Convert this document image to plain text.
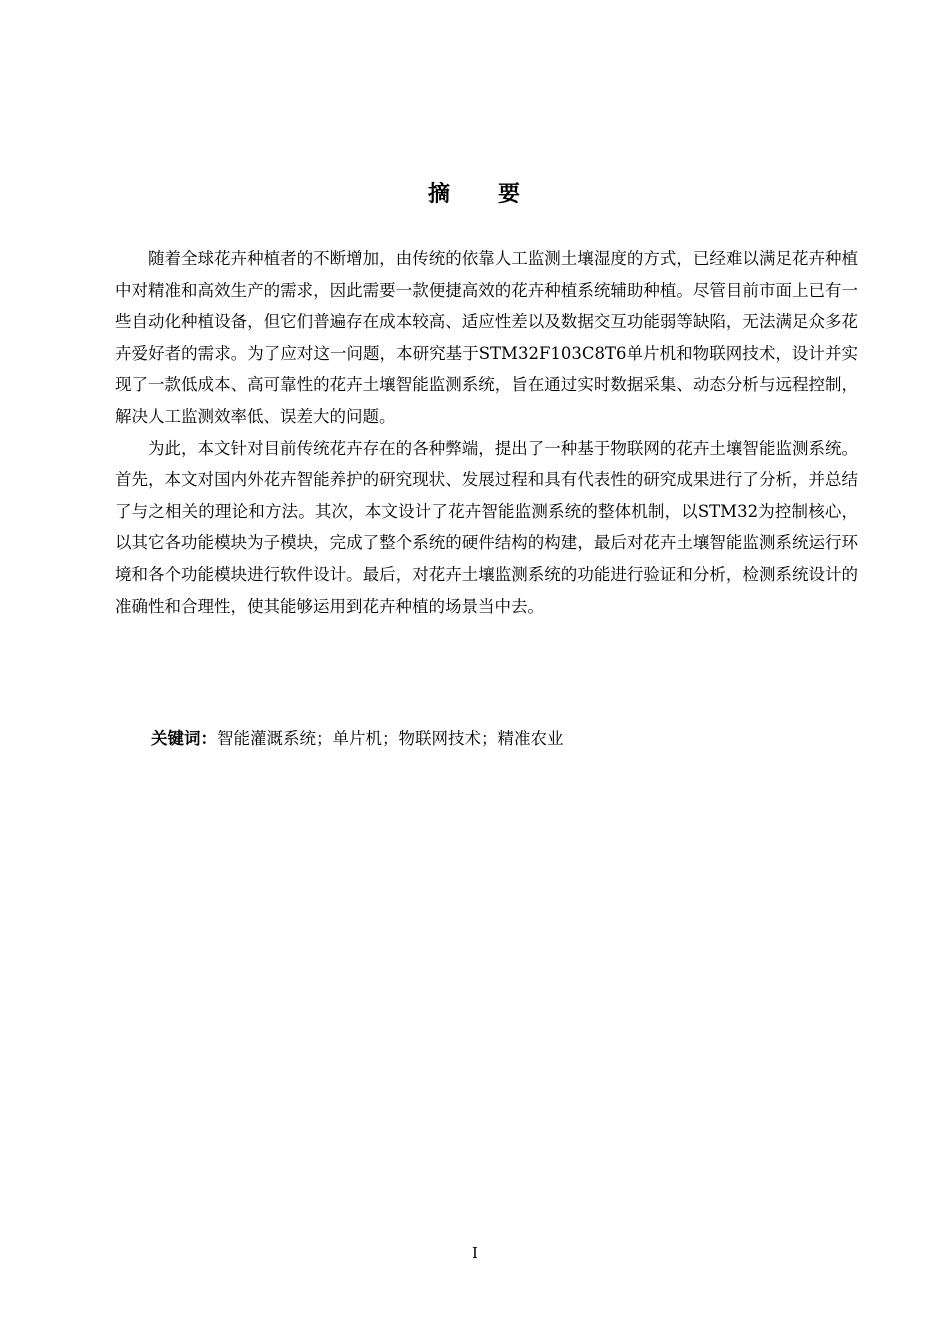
摘 要

随着全球花卉种植者的不断增加，由传统的依靠人工监测土壤湿度的方式，已经难以满足花卉种植中对精准和高效生产的需求，因此需要一款便捷高效的花卉种植系统辅助种植。尽管目前市面上已有一些自动化种植设备，但它们普遍存在成本较高、适应性差以及数据交互功能弱等缺陷，无法满足众多花卉爱好者的需求。为了应对这一问题，本研究基于STM32F103C8T6单片机和物联网技术，设计并实现了一款低成本、高可靠性的花卉土壤智能监测系统，旨在通过实时数据采集、动态分析与远程控制，解决人工监测效率低、误差大的问题。

为此，本文针对目前传统花卉存在的各种弊端，提出了一种基于物联网的花卉土壤智能监测系统。首先，本文对国内外花卉智能养护的研究现状、发展过程和具有代表性的研究成果进行了分析，并总结了与之相关的理论和方法。其次，本文设计了花卉智能监测系统的整体机制，以STM32为控制核心，以其它各功能模块为子模块，完成了整个系统的硬件结构的构建，最后对花卉土壤智能监测系统运行环境和各个功能模块进行软件设计。最后，对花卉土壤监测系统的功能进行验证和分析，检测系统设计的准确性和合理性，使其能够运用到花卉种植的场景当中去。

关键词：智能灌溉系统；单片机；物联网技术；精准农业
I
